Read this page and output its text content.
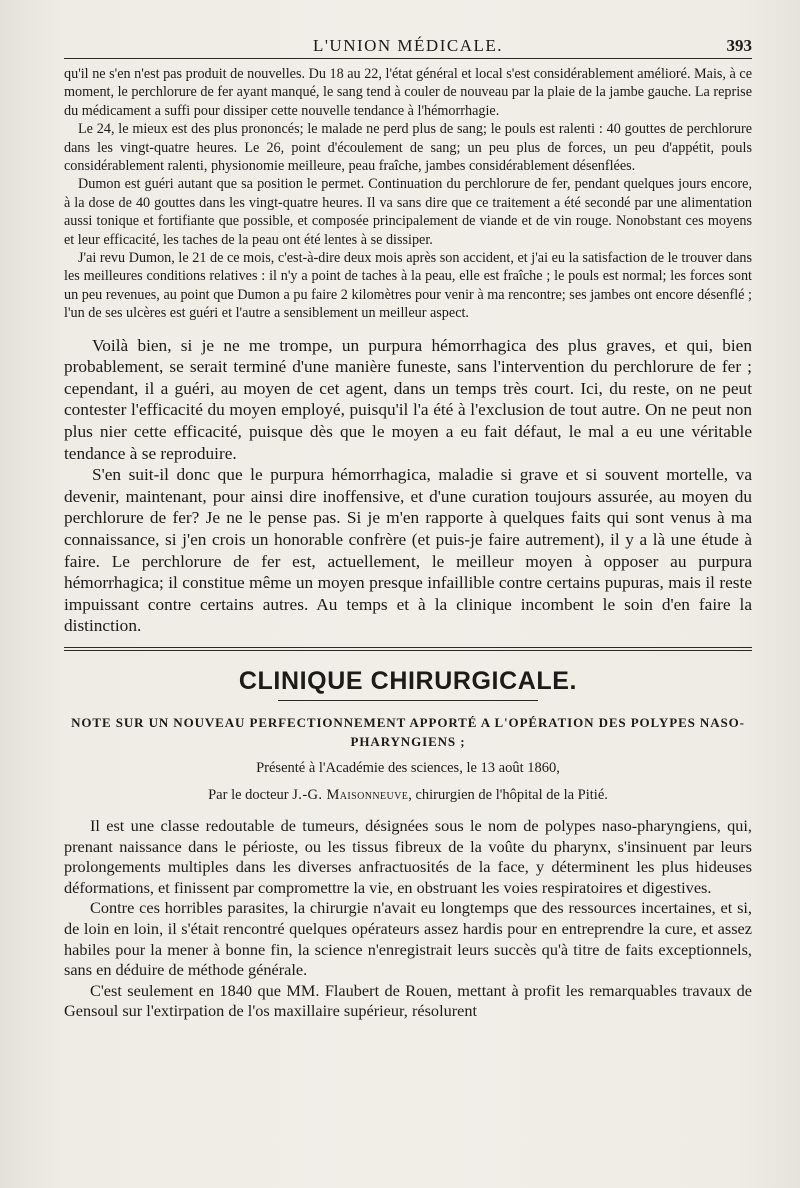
L'UNION MÉDICALE.	393

qu'il ne s'en n'est pas produit de nouvelles. Du 18 au 22, l'état général et local s'est considérablement amélioré. Mais, à ce moment, le perchlorure de fer ayant manqué, le sang tend à couler de nouveau par la plaie de la jambe gauche. La reprise du médicament a suffi pour dissiper cette nouvelle tendance à l'hémorrhagie.

Le 24, le mieux est des plus prononcés; le malade ne perd plus de sang; le pouls est ralenti : 40 gouttes de perchlorure dans les vingt-quatre heures. Le 26, point d'écoulement de sang; un peu plus de forces, un peu d'appétit, pouls considérablement ralenti, physionomie meilleure, peau fraîche, jambes considérablement désenflées.

Dumon est guéri autant que sa position le permet. Continuation du perchlorure de fer, pendant quelques jours encore, à la dose de 40 gouttes dans les vingt-quatre heures. Il va sans dire que ce traitement a été secondé par une alimentation aussi tonique et fortifiante que possible, et composée principalement de viande et de vin rouge. Nonobstant ces moyens et leur efficacité, les taches de la peau ont été lentes à se dissiper.

J'ai revu Dumon, le 21 de ce mois, c'est-à-dire deux mois après son accident, et j'ai eu la satisfaction de le trouver dans les meilleures conditions relatives : il n'y a point de taches à la peau, elle est fraîche ; le pouls est normal; les forces sont un peu revenues, au point que Dumon a pu faire 2 kilomètres pour venir à ma rencontre; ses jambes ont encore désenflé ; l'un de ses ulcères est guéri et l'autre a sensiblement un meilleur aspect.

Voilà bien, si je ne me trompe, un purpura hémorrhagica des plus graves, et qui, bien probablement, se serait terminé d'une manière funeste, sans l'intervention du perchlorure de fer ; cependant, il a guéri, au moyen de cet agent, dans un temps très court. Ici, du reste, on ne peut contester l'efficacité du moyen employé, puisqu'il l'a été à l'exclusion de tout autre. On ne peut non plus nier cette efficacité, puisque dès que le moyen a eu fait défaut, le mal a eu une véritable tendance à se reproduire.

S'en suit-il donc que le purpura hémorrhagica, maladie si grave et si souvent mortelle, va devenir, maintenant, pour ainsi dire inoffensive, et d'une curation toujours assurée, au moyen du perchlorure de fer? Je ne le pense pas. Si je m'en rapporte à quelques faits qui sont venus à ma connaissance, si j'en crois un honorable confrère (et puis-je faire autrement), il y a là une étude à faire. Le perchlorure de fer est, actuellement, le meilleur moyen à opposer au purpura hémorrhagica; il constitue même un moyen presque infaillible contre certains pupuras, mais il reste impuissant contre certains autres. Au temps et à la clinique incombent le soin d'en faire la distinction.

CLINIQUE CHIRURGICALE.
NOTE SUR UN NOUVEAU PERFECTIONNEMENT APPORTÉ A L'OPÉRATION DES POLYPES NASO-PHARYNGIENS ;
Présenté à l'Académie des sciences, le 13 août 1860,
Par le docteur J.-G. Maisonneuve, chirurgien de l'hôpital de la Pitié.

Il est une classe redoutable de tumeurs, désignées sous le nom de polypes naso-pharyngiens, qui, prenant naissance dans le périoste, ou les tissus fibreux de la voûte du pharynx, s'insinuent par leurs prolongements multiples dans les diverses anfractuosités de la face, y déterminent les plus hideuses déformations, et finissent par compromettre la vie, en obstruant les voies respiratoires et digestives.

Contre ces horribles parasites, la chirurgie n'avait eu longtemps que des ressources incertaines, et si, de loin en loin, il s'était rencontré quelques opérateurs assez hardis pour en entreprendre la cure, et assez habiles pour la mener à bonne fin, la science n'enregistrait leurs succès qu'à titre de faits exceptionnels, sans en déduire de méthode générale.

C'est seulement en 1840 que MM. Flaubert de Rouen, mettant à profit les remarquables travaux de Gensoul sur l'extirpation de l'os maxillaire supérieur, résolurent
